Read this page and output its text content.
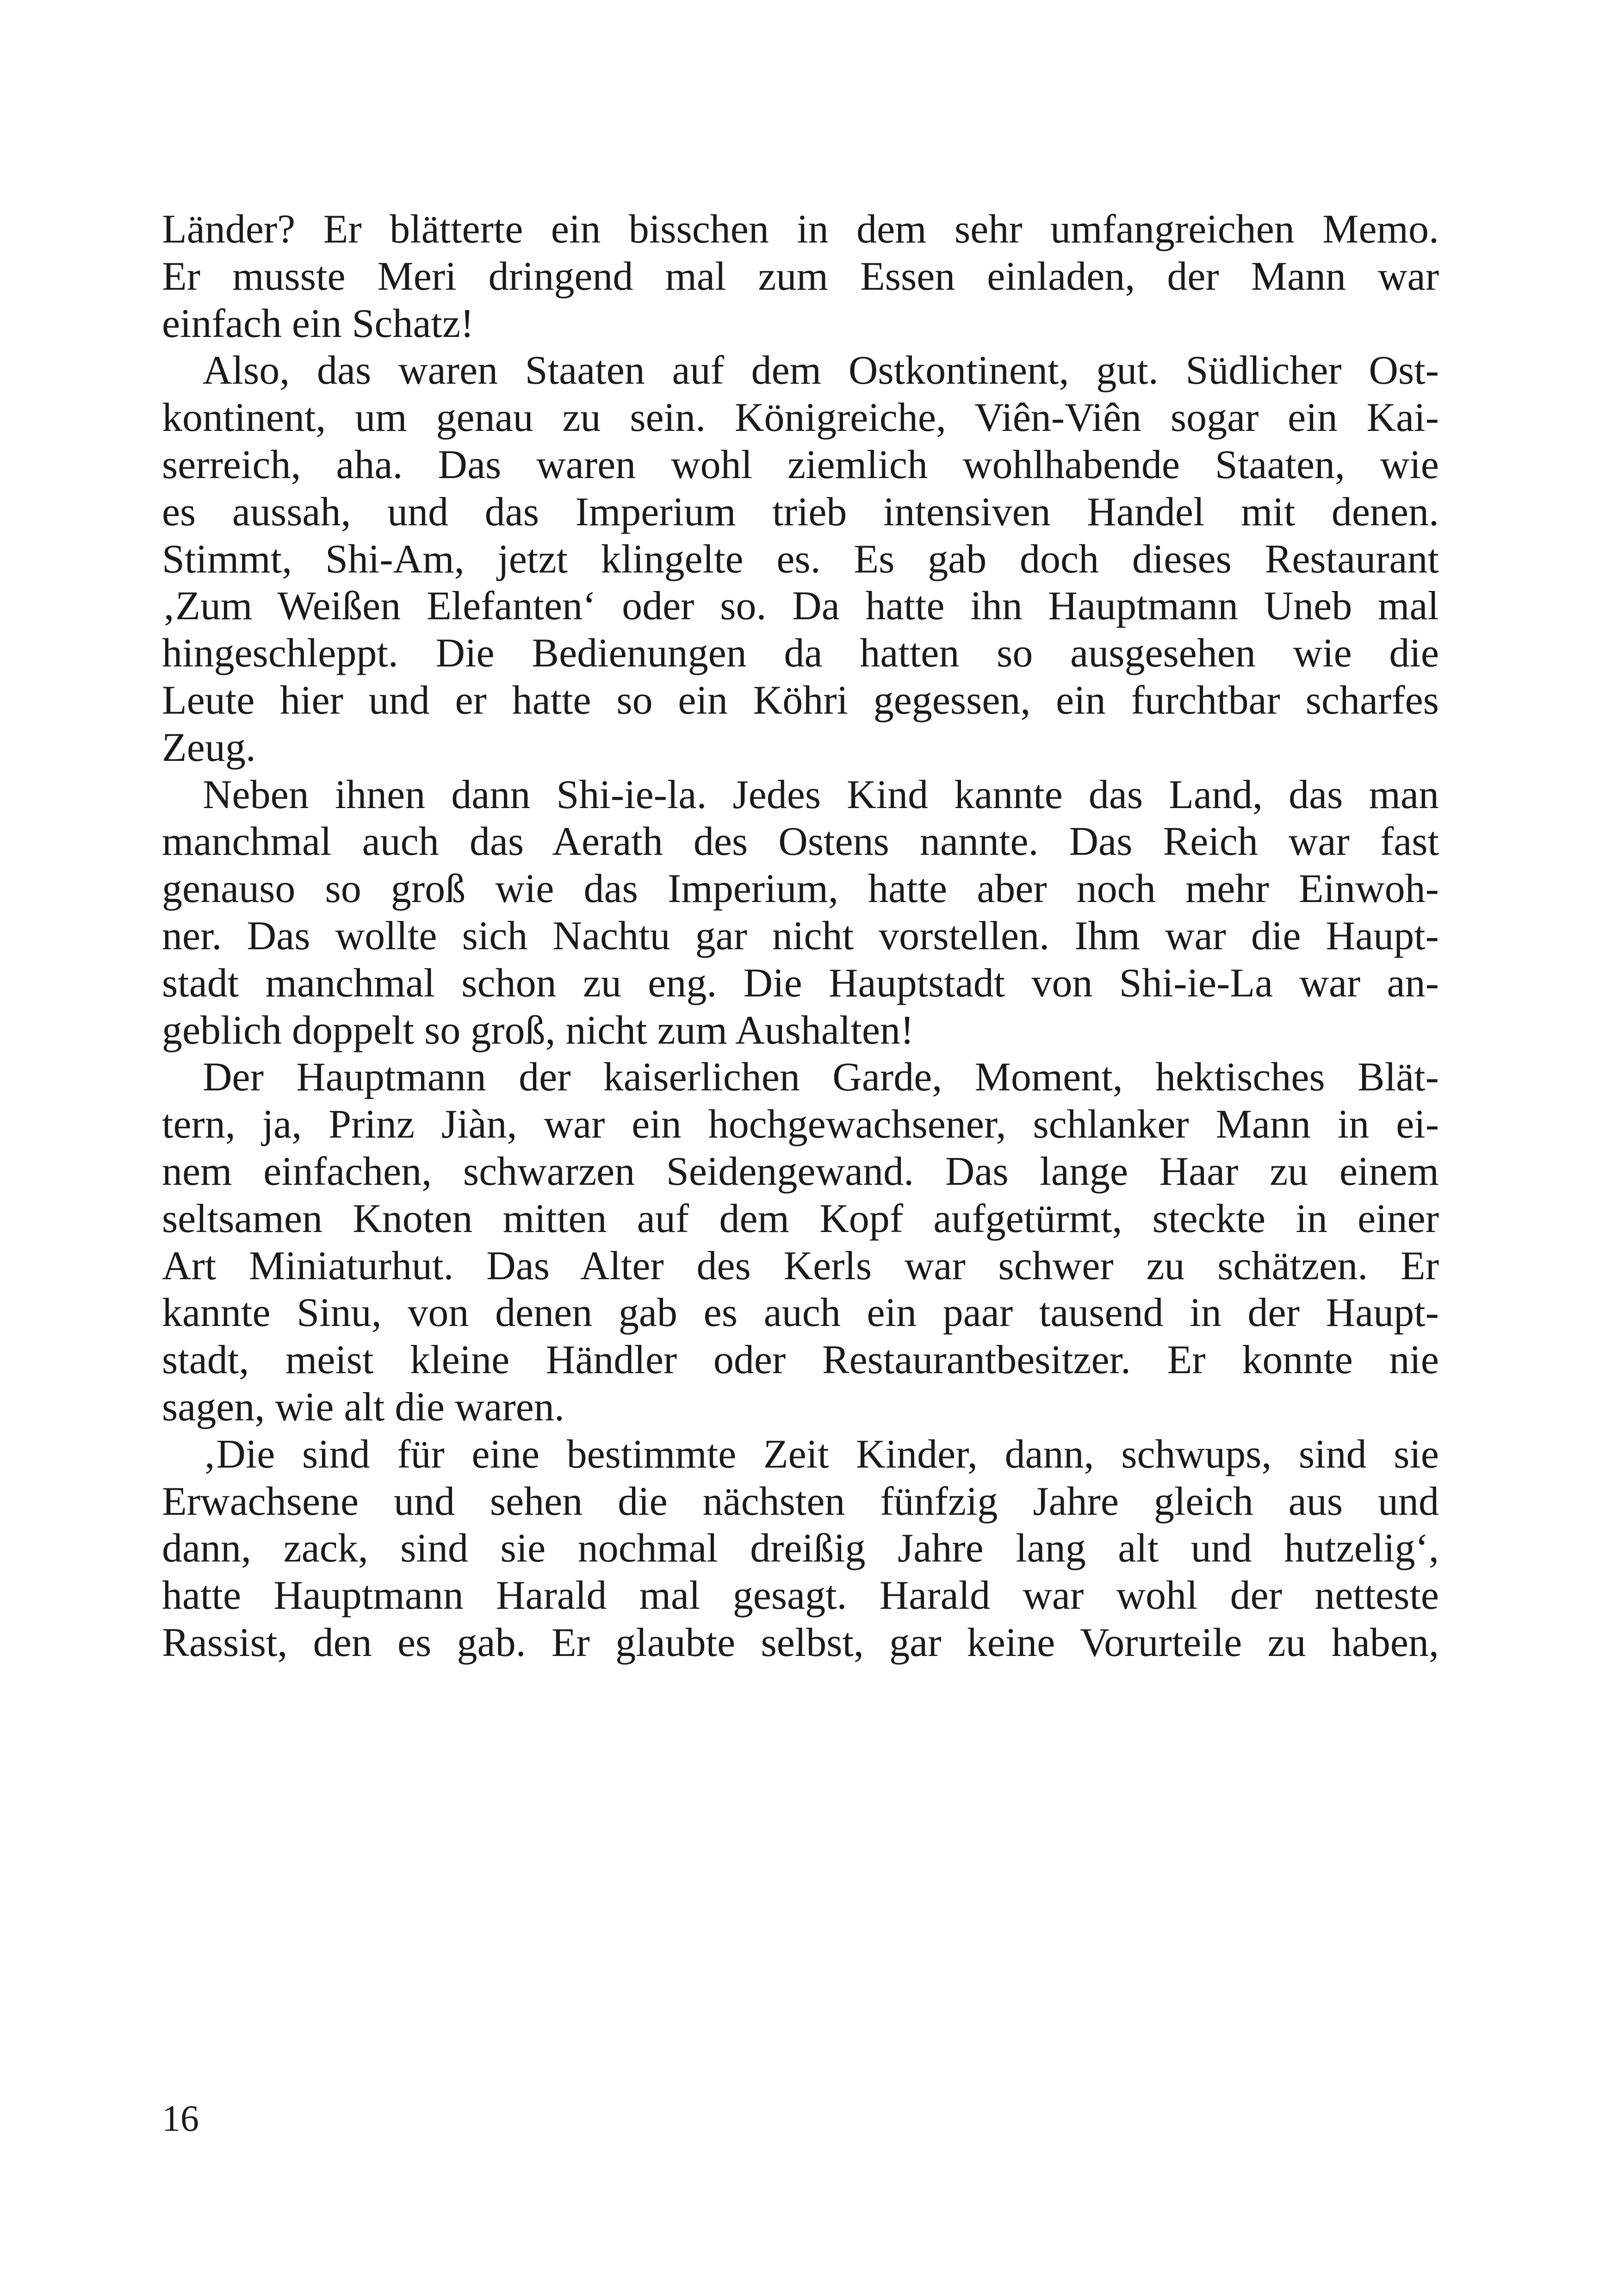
Länder? Er blätterte ein bisschen in dem sehr umfangreichen Memo.
Er musste Meri dringend mal zum Essen einladen, der Mann war
einfach ein Schatz!
Also, das waren Staaten auf dem Ostkontinent, gut. Südlicher Ost-
kontinent, um genau zu sein. Königreiche, Viên-Viên sogar ein Kai-
serreich, aha. Das waren wohl ziemlich wohlhabende Staaten, wie
es aussah, und das Imperium trieb intensiven Handel mit denen.
Stimmt, Shi-Am, jetzt klingelte es. Es gab doch dieses Restaurant
‚Zum Weißen Elefanten‘ oder so. Da hatte ihn Hauptmann Uneb mal
hingeschleppt. Die Bedienungen da hatten so ausgesehen wie die
Leute hier und er hatte so ein Köhri gegessen, ein furchtbar scharfes
Zeug.
Neben ihnen dann Shi-ie-la. Jedes Kind kannte das Land, das man
manchmal auch das Aerath des Ostens nannte. Das Reich war fast
genauso so groß wie das Imperium, hatte aber noch mehr Einwoh-
ner. Das wollte sich Nachtu gar nicht vorstellen. Ihm war die Haupt-
stadt manchmal schon zu eng. Die Hauptstadt von Shi-ie-La war an-
geblich doppelt so groß, nicht zum Aushalten!
Der Hauptmann der kaiserlichen Garde, Moment, hektisches Blät-
tern, ja, Prinz Jiàn, war ein hochgewachsener, schlanker Mann in ei-
nem einfachen, schwarzen Seidengewand. Das lange Haar zu einem
seltsamen Knoten mitten auf dem Kopf aufgetürmt, steckte in einer
Art Miniaturhut. Das Alter des Kerls war schwer zu schätzen. Er
kannte Sinu, von denen gab es auch ein paar tausend in der Haupt-
stadt, meist kleine Händler oder Restaurantbesitzer. Er konnte nie
sagen, wie alt die waren.
‚Die sind für eine bestimmte Zeit Kinder, dann, schwups, sind sie
Erwachsene und sehen die nächsten fünfzig Jahre gleich aus und
dann, zack, sind sie nochmal dreißig Jahre lang alt und hutzelig‘,
hatte Hauptmann Harald mal gesagt. Harald war wohl der netteste
Rassist, den es gab. Er glaubte selbst, gar keine Vorurteile zu haben,
16
